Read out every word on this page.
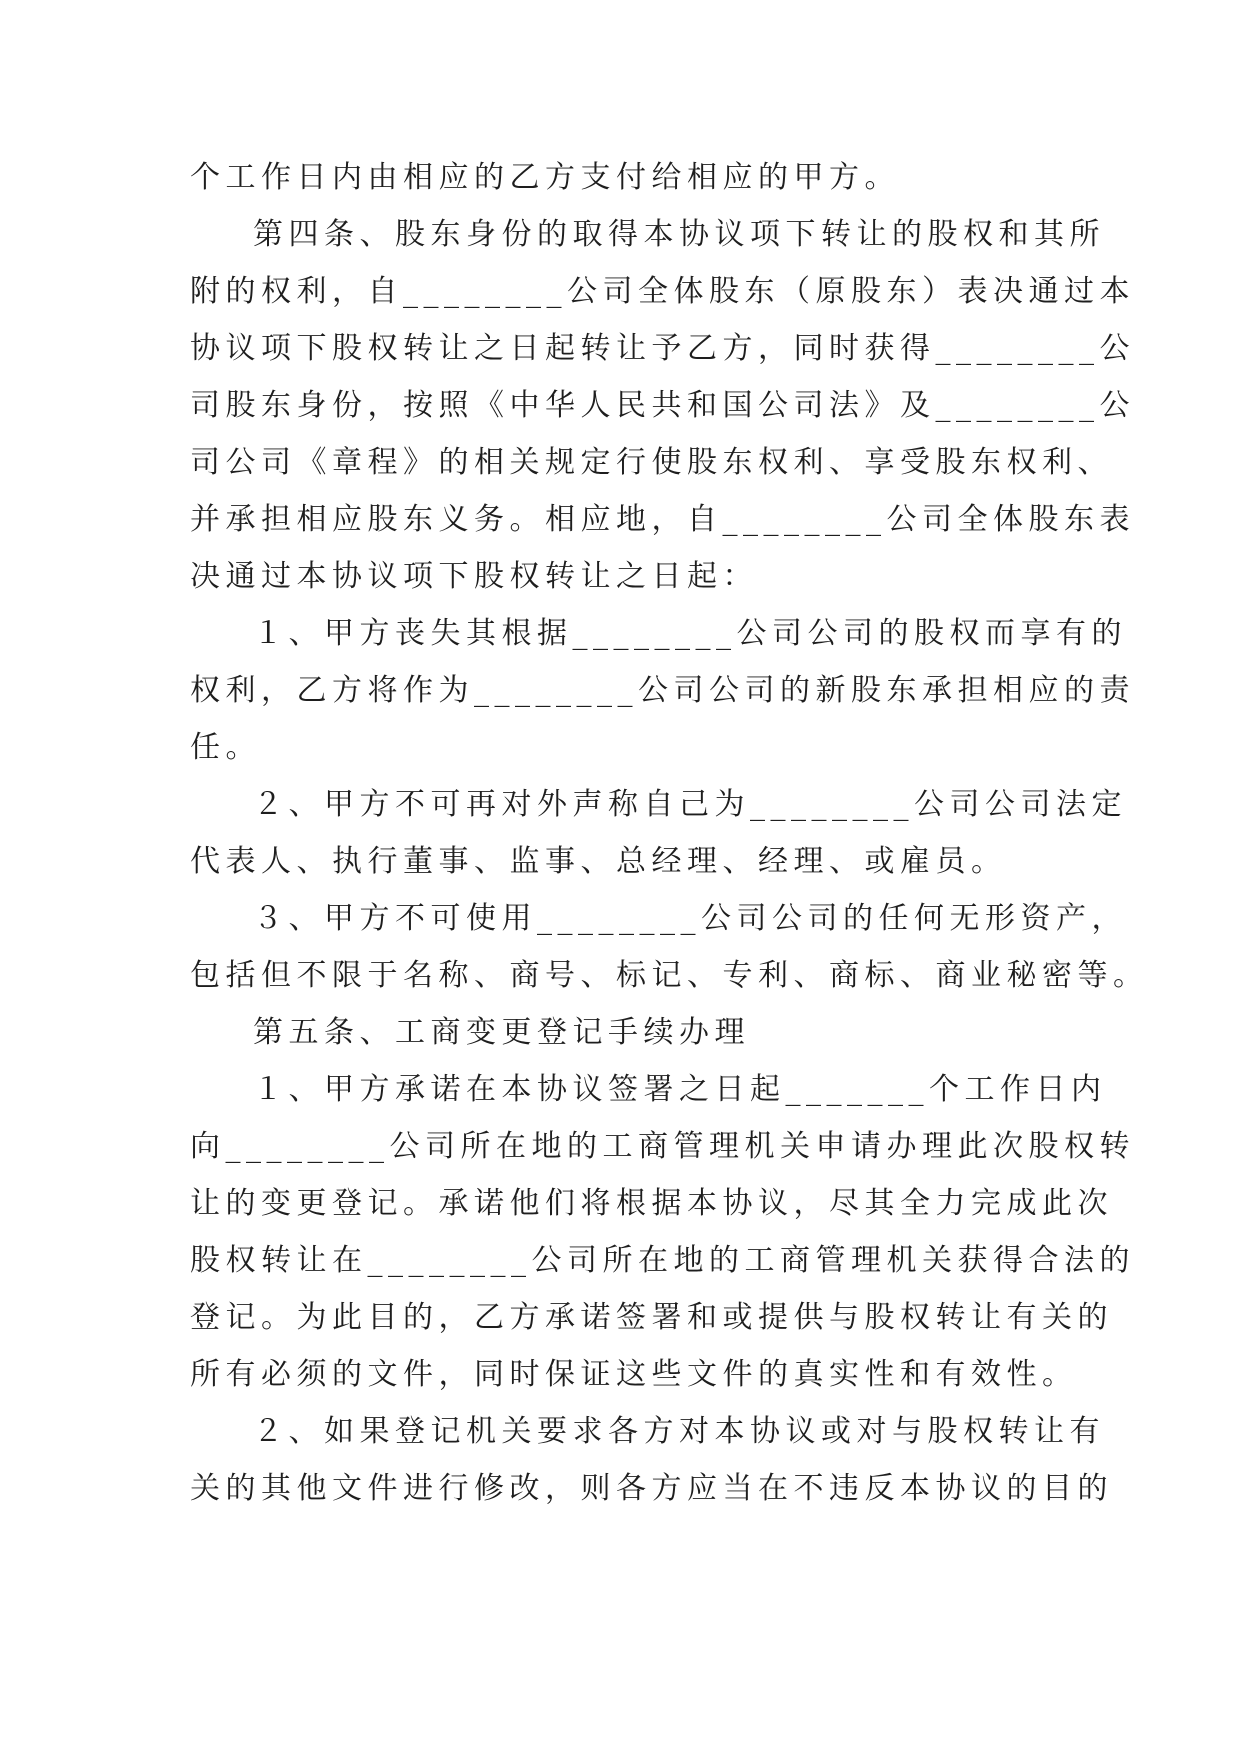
个工作日内由相应的乙方支付给相应的甲方。
第四条、股东身份的取得本协议项下转让的股权和其所
附的权利，自________公司全体股东（原股东）表决通过本
协议项下股权转让之日起转让予乙方，同时获得________公
司股东身份，按照《中华人民共和国公司法》及________公
司公司《章程》的相关规定行使股东权利、享受股东权利、
并承担相应股东义务。相应地，自________公司全体股东表
决通过本协议项下股权转让之日起：
１、甲方丧失其根据________公司公司的股权而享有的
权利，乙方将作为________公司公司的新股东承担相应的责
任。
２、甲方不可再对外声称自己为________公司公司法定
代表人、执行董事、监事、总经理、经理、或雇员。
３、甲方不可使用________公司公司的任何无形资产，
包括但不限于名称、商号、标记、专利、商标、商业秘密等。
第五条、工商变更登记手续办理
１、甲方承诺在本协议签署之日起_______个工作日内
向________公司所在地的工商管理机关申请办理此次股权转
让的变更登记。承诺他们将根据本协议，尽其全力完成此次
股权转让在________公司所在地的工商管理机关获得合法的
登记。为此目的，乙方承诺签署和或提供与股权转让有关的
所有必须的文件，同时保证这些文件的真实性和有效性。
２、如果登记机关要求各方对本协议或对与股权转让有
关的其他文件进行修改，则各方应当在不违反本协议的目的
